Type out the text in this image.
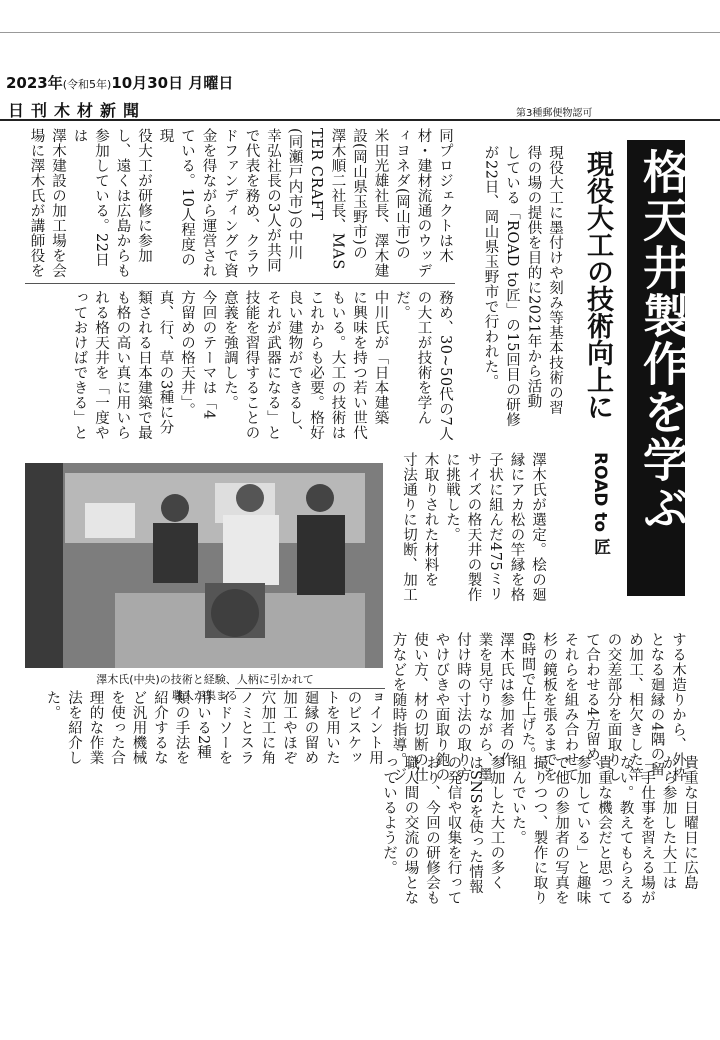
2023年(令和5年)10月30日 月曜日
日刊木材新聞	第3種郵便物認可
格天井製作を学ぶ
現役大工の技術向上に
ROAD to 匠
現役大工に墨付けや刻み等基本技術の習
得の場の提供を目的に2021年から活動
している「ROAD to匠」の15回目の研修
が22日、岡山県玉野市で行われた。
同プロジェクトは木
材・建材流通のウッデ
ィヨネダ(岡山市)の
米田光雄社長、澤木建
設(岡山県玉野市)の
澤木順二社長、MAS
TER CRAFT
(同瀬戸内市)の中川
幸弘社長の3人が共同
で代表を務め、クラウ
ドファンディングで資
金を得ながら運営され
ている。10人程度の現
役大工が研修に参加
し、遠くは広島からも
参加している。22日は
澤木建設の加工場を会
場に澤木氏が講師役を
務め、30~50代の7人
の大工が技術を学ん
だ。
中川氏が「日本建築
に興味を持つ若い世代
もいる。大工の技術は
これからも必要。格好
良い建物ができるし、
それが武器になる」と
技能を習得することの
意義を強調した。
今回のテーマは「4
方留めの格天井」。
真、行、草の3種に分
類される日本建築で最
も格の高い真に用いら
れる格天井を「一度や
っておけばできる」と
澤木氏が選定。桧の廻
縁にアカ松の竿縁を格
子状に組んだ475ミリ
サイズの格天井の製作
に挑戦した。
木取りされた材料を
寸法通りに切断、加工
澤木氏(中央)の技術と経験、人柄に引かれて
職人が集まる	する木造りから、外枠
となる廻縁の4隅の留
め加工、相欠きした竿
の交差部分を面取りし
て合わせる4方留め、
それらを組み合わせて
杉の鏡板を張るまでを
6時間で仕上げた。
澤木氏は参加者の作
業を見守りながら、墨
付け時の寸法の取り方
やけびきや面取り鉋の
使い方、材の切断の仕
方などを随時指導。ジ
ョイント用
のビスケッ
トを用いた
廻縁の留め
加工やほぞ
穴加工に角
ノミとスラ
イドソーを
用いる2種
類の手法を
紹介するな
ど汎用機械
を使った合
理的な作業
法を紹介し
た。
貴重な日曜日に広島
から参加した大工は
「手仕事を習える場が
ない。教えてもらえる
貴重な機会だと思って
参加している」と趣味
で他の参加者の写真を
撮りつつ、製作に取り
組んでいた。
参加した大工の多く
はSNSを使った情報
の発信や収集を行って
おり、今回の研修会も
職人間の交流の場とな
っているようだ。
